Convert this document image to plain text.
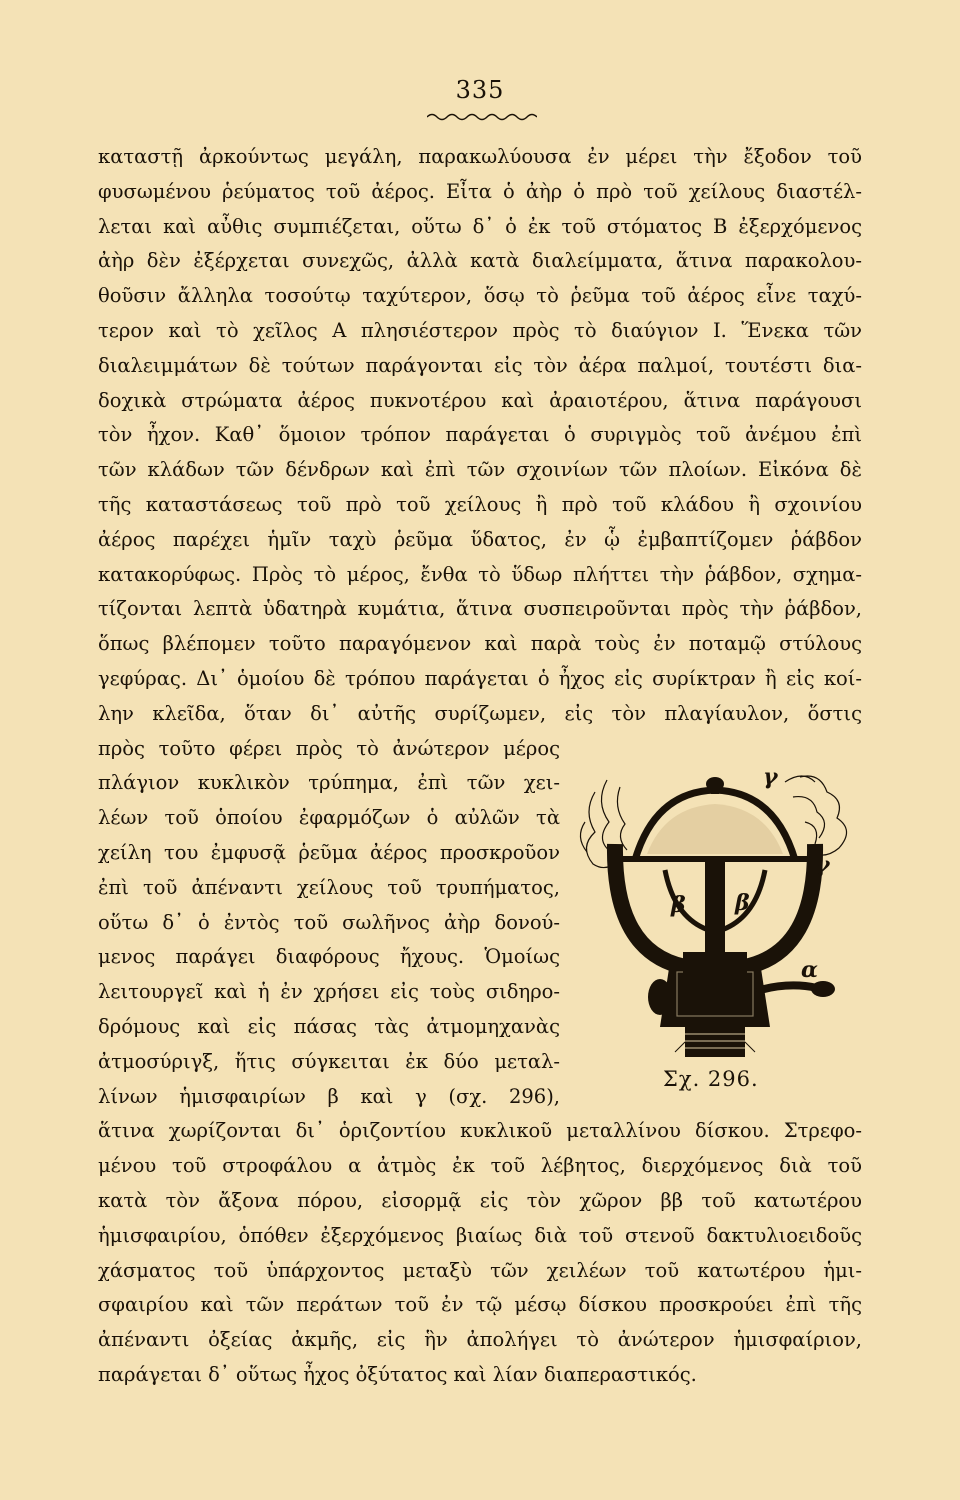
335
καταστῇ ἀρκούντως μεγάλη, παρακωλύουσα ἐν μέρει τὴν ἔξοδον τοῦ
φυσωμένου ῥεύματος τοῦ ἀέρος. Εἶτα ὁ ἀὴρ ὁ πρὸ τοῦ χείλους διαστέλ-
λεται καὶ αὖθις συμπιέζεται, οὕτω δ᾿ ὁ ἐκ τοῦ στόματος Β ἐξερχόμενος
ἀὴρ δὲν ἐξέρχεται συνεχῶς, ἀλλὰ κατὰ διαλείμματα, ἅτινα παρακολου-
θοῦσιν ἄλληλα τοσούτῳ ταχύτερον, ὅσῳ τὸ ῥεῦμα τοῦ ἀέρος εἶνε ταχύ-
τερον καὶ τὸ χεῖλος Α πλησιέστερον πρὸς τὸ διαύγιον Ι. Ἕνεκα τῶν
διαλειμμάτων δὲ τούτων παράγονται εἰς τὸν ἀέρα παλμοί, τουτέστι δια-
δοχικὰ στρώματα ἀέρος πυκνοτέρου καὶ ἀραιοτέρου, ἅτινα παράγουσι
τὸν ἦχον. Καθ᾿ ὅμοιον τρόπον παράγεται ὁ συριγμὸς τοῦ ἀνέμου ἐπὶ
τῶν κλάδων τῶν δένδρων καὶ ἐπὶ τῶν σχοινίων τῶν πλοίων. Εἰκόνα δὲ
τῆς καταστάσεως τοῦ πρὸ τοῦ χείλους ἢ πρὸ τοῦ κλάδου ἢ σχοινίου
ἀέρος παρέχει ἡμῖν ταχὺ ῥεῦμα ὕδατος, ἐν ᾧ ἐμβαπτίζομεν ῥάβδον
κατακορύφως. Πρὸς τὸ μέρος, ἔνθα τὸ ὕδωρ πλήττει τὴν ῥάβδον, σχημα-
τίζονται λεπτὰ ὑδατηρὰ κυμάτια, ἅτινα συσπειροῦνται πρὸς τὴν ῥάβδον,
ὅπως βλέπομεν τοῦτο παραγόμενον καὶ παρὰ τοὺς ἐν ποταμῷ στύλους
γεφύρας. Δι᾿ ὁμοίου δὲ τρόπου παράγεται ὁ ἦχος εἰς συρίκτραν ἢ εἰς κοί-
λην κλεῖδα, ὅταν δι᾿ αὐτῆς συρίζωμεν, εἰς τὸν πλαγίαυλον, ὅστις
πρὸς τοῦτο φέρει πρὸς τὸ ἀνώτερον μέρος
πλάγιον κυκλικὸν τρύπημα, ἐπὶ τῶν χει-
λέων τοῦ ὁποίου ἐφαρμόζων ὁ αὐλῶν τὰ
χείλη του ἐμφυσᾷ ῥεῦμα ἀέρος προσκροῦον
ἐπὶ τοῦ ἀπέναντι χείλους τοῦ τρυπήματος,
οὕτω δ᾿ ὁ ἐντὸς τοῦ σωλῆνος ἀὴρ δονού-
μενος παράγει διαφόρους ἤχους. Ὁμοίως
λειτουργεῖ καὶ ἡ ἐν χρήσει εἰς τοὺς σιδηρο-
δρόμους καὶ εἰς πάσας τὰς ἀτμομηχανὰς
ἀτμοσύριγξ, ἥτις σύγκειται ἐκ δύο μεταλ-
λίνων ἡμισφαιρίων β καὶ γ (σχ. 296),
ἅτινα χωρίζονται δι᾿ ὁριζοντίου κυκλικοῦ μεταλλίνου δίσκου. Στρεφο-
μένου τοῦ στροφάλου α ἀτμὸς ἐκ τοῦ λέβητος, διερχόμενος διὰ τοῦ
κατὰ τὸν ἄξονα πόρου, εἰσορμᾷ εἰς τὸν χῶρον ββ τοῦ κατωτέρου
ἡμισφαιρίου, ὁπόθεν ἐξερχόμενος βιαίως διὰ τοῦ στενοῦ δακτυλιοειδοῦς
χάσματος τοῦ ὑπάρχοντος μεταξὺ τῶν χειλέων τοῦ κατωτέρου ἡμι-
σφαιρίου καὶ τῶν περάτων τοῦ ἐν τῷ μέσῳ δίσκου προσκρούει ἐπὶ τῆς
ἀπέναντι ὀξείας ἀκμῆς, εἰς ἣν ἀπολήγει τὸ ἀνώτερον ἡμισφαίριον,
παράγεται δ᾿ οὕτως ἦχος ὀξύτατος καὶ λίαν διαπεραστικός.
γ
γ
β β
α
Σχ. 296.
